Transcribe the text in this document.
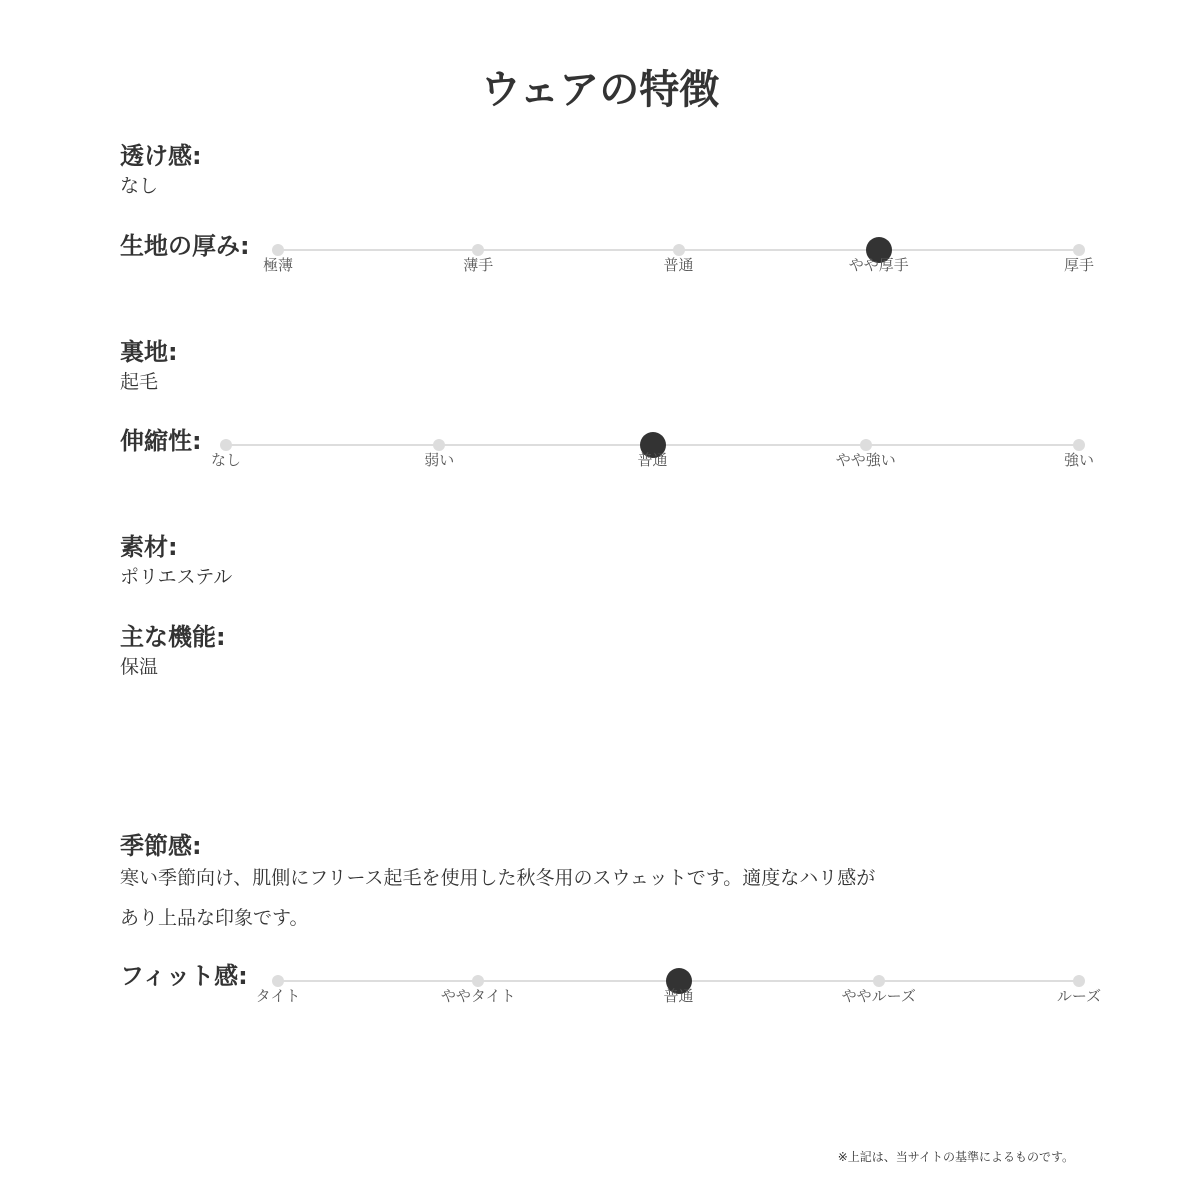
ウェアの特徴
透け感:
なし
生地の厚み:
極薄	薄手	普通	やや厚手	厚手
裏地:
起毛
伸縮性:
なし	弱い	普通	やや強い	強い
素材:
ポリエステル
主な機能:
保温
季節感:
寒い季節向け、肌側にフリース起毛を使用した秋冬用のスウェットです。適度なハリ感があり上品な印象です。
フィット感:
タイト	ややタイト	普通	ややルーズ	ルーズ
※上記は、当サイトの基準によるものです。
